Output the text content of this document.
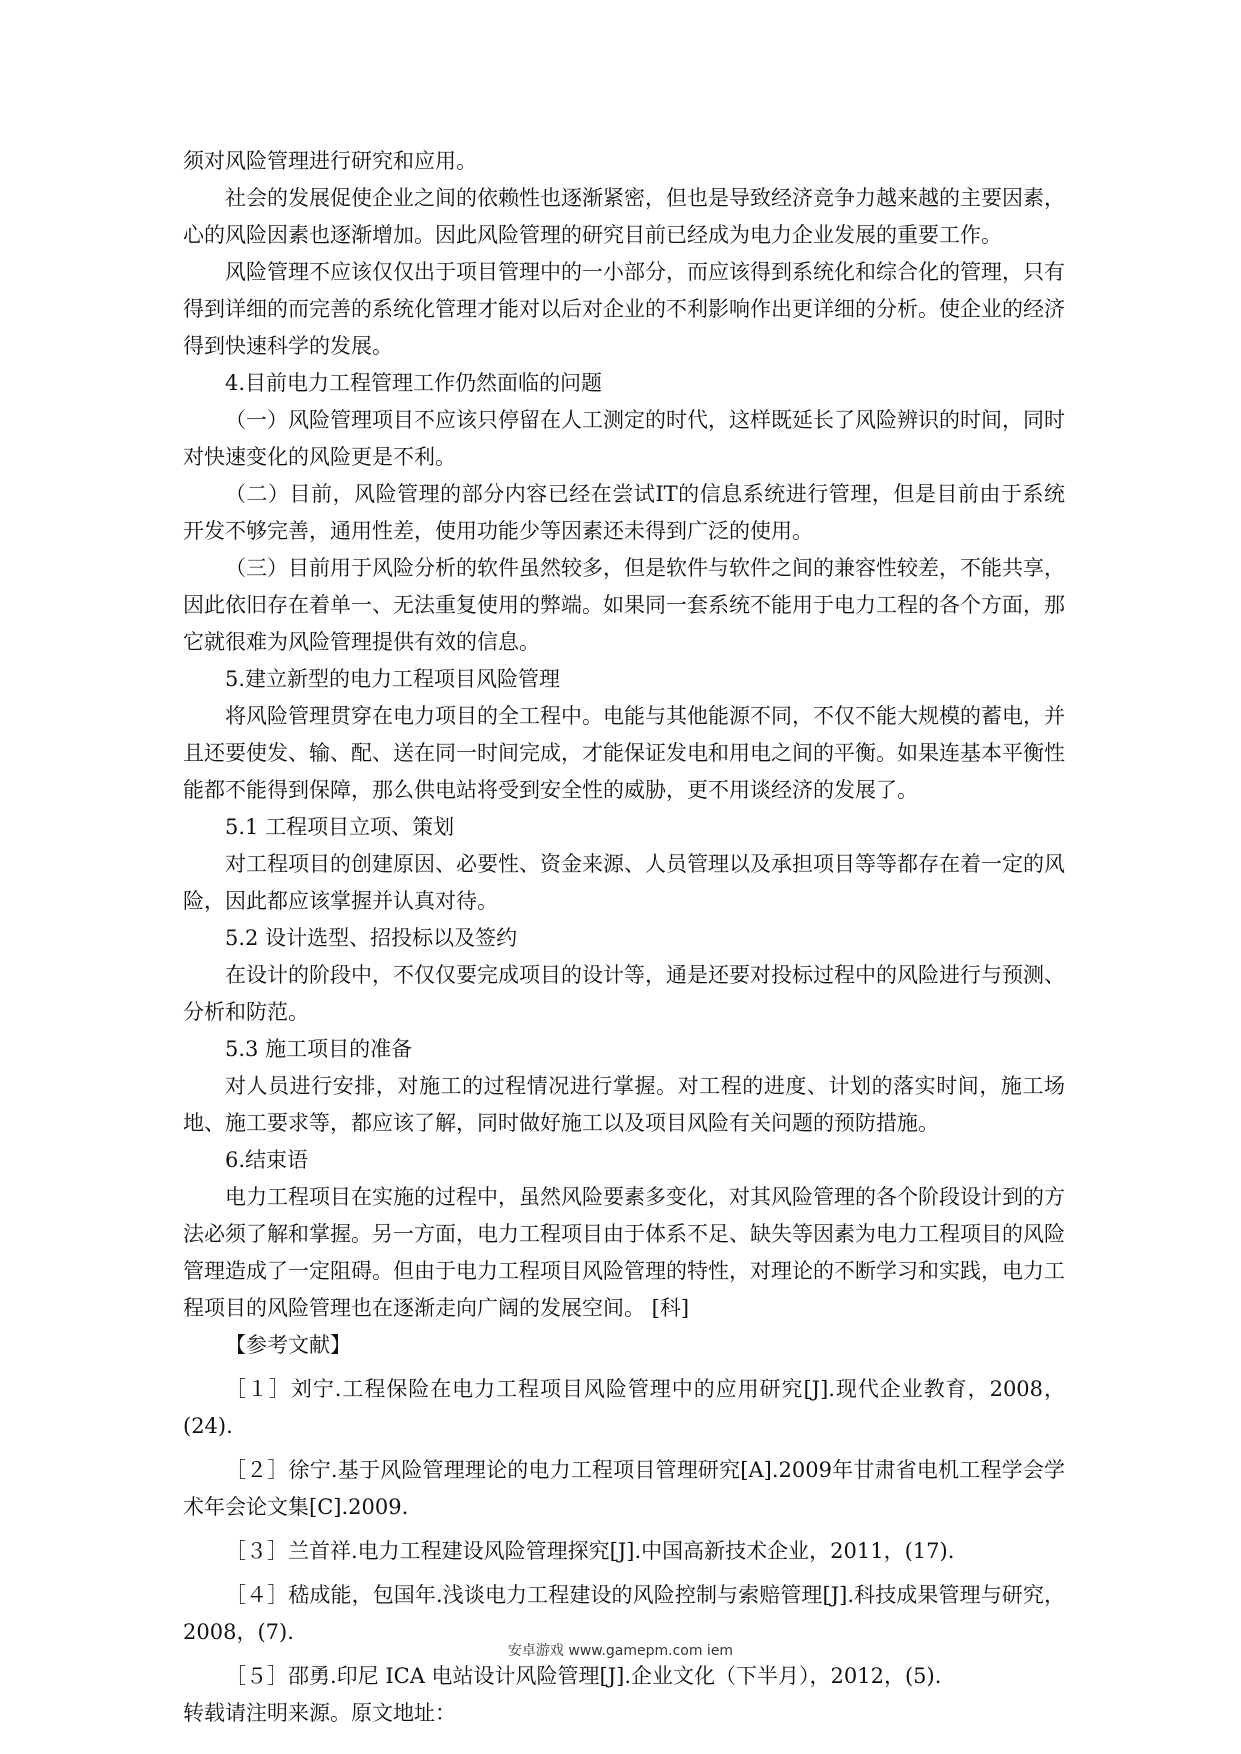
须对风险管理进行研究和应用。

社会的发展促使企业之间的依赖性也逐渐紧密，但也是导致经济竞争力越来越的主要因素，心的风险因素也逐渐增加。因此风险管理的研究目前已经成为电力企业发展的重要工作。

风险管理不应该仅仅出于项目管理中的一小部分，而应该得到系统化和综合化的管理，只有得到详细的而完善的系统化管理才能对以后对企业的不利影响作出更详细的分析。使企业的经济得到快速科学的发展。

4.目前电力工程管理工作仍然面临的问题

（一）风险管理项目不应该只停留在人工测定的时代，这样既延长了风险辨识的时间，同时对快速变化的风险更是不利。

（二）目前，风险管理的部分内容已经在尝试IT的信息系统进行管理，但是目前由于系统开发不够完善，通用性差，使用功能少等因素还未得到广泛的使用。

（三）目前用于风险分析的软件虽然较多，但是软件与软件之间的兼容性较差，不能共享，因此依旧存在着单一、无法重复使用的弊端。如果同一套系统不能用于电力工程的各个方面，那它就很难为风险管理提供有效的信息。

5.建立新型的电力工程项目风险管理

将风险管理贯穿在电力项目的全工程中。电能与其他能源不同，不仅不能大规模的蓄电，并且还要使发、输、配、送在同一时间完成，才能保证发电和用电之间的平衡。如果连基本平衡性能都不能得到保障，那么供电站将受到安全性的威胁，更不用谈经济的发展了。

5.1 工程项目立项、策划

对工程项目的创建原因、必要性、资金来源、人员管理以及承担项目等等都存在着一定的风险，因此都应该掌握并认真对待。

5.2 设计选型、招投标以及签约

在设计的阶段中，不仅仅要完成项目的设计等，通是还要对投标过程中的风险进行与预测、分析和防范。

5.3 施工项目的准备

对人员进行安排，对施工的过程情况进行掌握。对工程的进度、计划的落实时间，施工场地、施工要求等，都应该了解，同时做好施工以及项目风险有关问题的预防措施。

6.结束语

电力工程项目在实施的过程中，虽然风险要素多变化，对其风险管理的各个阶段设计到的方法必须了解和掌握。另一方面，电力工程项目由于体系不足、缺失等因素为电力工程项目的风险管理造成了一定阻碍。但由于电力工程项目风险管理的特性，对理论的不断学习和实践，电力工程项目的风险管理也在逐渐走向广阔的发展空间。 [科]

【参考文献】

［１］刘宁.工程保险在电力工程项目风险管理中的应用研究[J].现代企业教育，2008，(24).

［２］徐宁.基于风险管理理论的电力工程项目管理研究[A].2009年甘肃省电机工程学会学术年会论文集[C].2009.

［３］兰首祥.电力工程建设风险管理探究[J].中国高新技术企业，2011，(17).

［４］嵇成能，包国年.浅谈电力工程建设的风险控制与索赔管理[J].科技成果管理与研究，2008，(7).

［５］邵勇.印尼 ICA 电站设计风险管理[J].企业文化（下半月），2012，(5).

转载请注明来源。原文地址：

安卓游戏 www.gamepm.com iem
